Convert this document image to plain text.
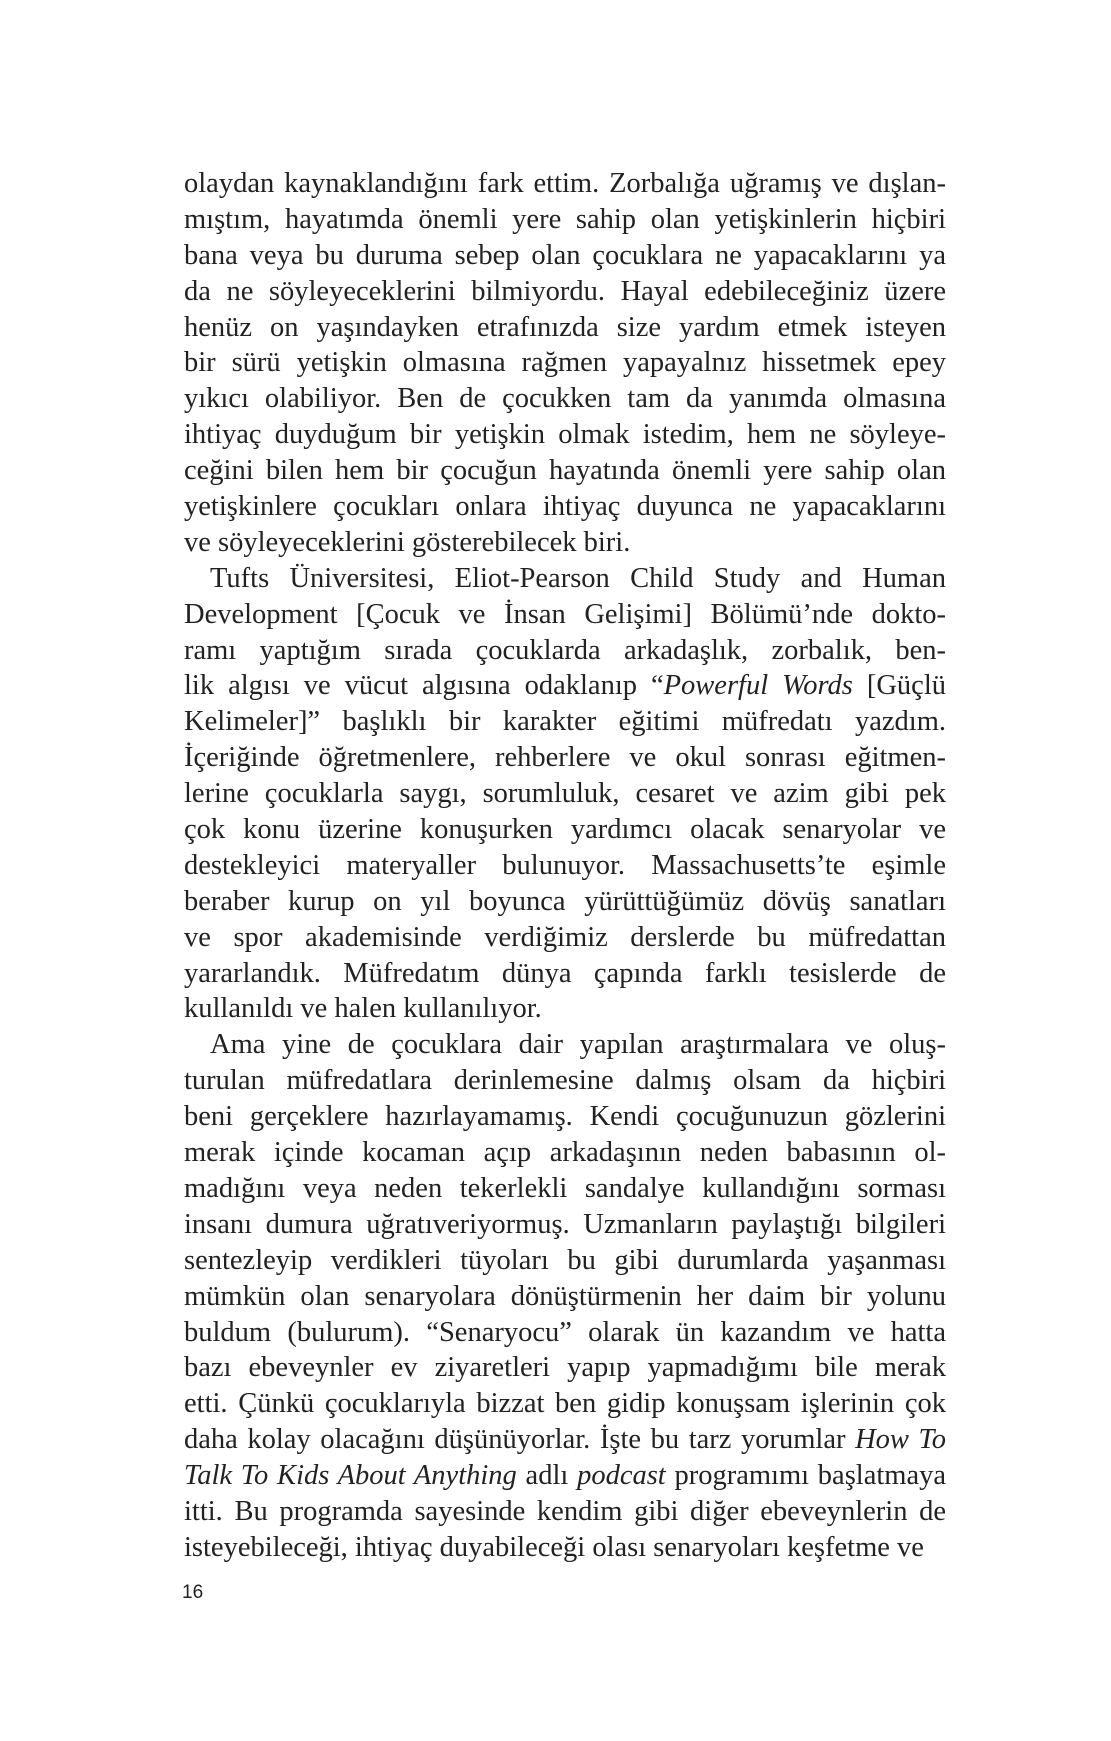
olaydan kaynaklandığını fark ettim. Zorbalığa uğramış ve dışlan-
mıştım, hayatımda önemli yere sahip olan yetişkinlerin hiçbiri
bana veya bu duruma sebep olan çocuklara ne yapacaklarını ya
da ne söyleyeceklerini bilmiyordu. Hayal edebileceğiniz üzere
henüz on yaşındayken etrafınızda size yardım etmek isteyen
bir sürü yetişkin olmasına rağmen yapayalnız hissetmek epey
yıkıcı olabiliyor. Ben de çocukken tam da yanımda olmasına
ihtiyaç duyduğum bir yetişkin olmak istedim, hem ne söyleye-
ceğini bilen hem bir çocuğun hayatında önemli yere sahip olan
yetişkinlere çocukları onlara ihtiyaç duyunca ne yapacaklarını
ve söyleyeceklerini gösterebilecek biri.
Tufts Üniversitesi, Eliot-Pearson Child Study and Human
Development [Çocuk ve İnsan Gelişimi] Bölümü’nde dokto-
ramı yaptığım sırada çocuklarda arkadaşlık, zorbalık, ben-
lik algısı ve vücut algısına odaklanıp “Powerful Words [Güçlü
Kelimeler]” başlıklı bir karakter eğitimi müfredatı yazdım.
İçeriğinde öğretmenlere, rehberlere ve okul sonrası eğitmen-
lerine çocuklarla saygı, sorumluluk, cesaret ve azim gibi pek
çok konu üzerine konuşurken yardımcı olacak senaryolar ve
destekleyici materyaller bulunuyor. Massachusetts’te eşimle
beraber kurup on yıl boyunca yürüttüğümüz dövüş sanatları
ve spor akademisinde verdiğimiz derslerde bu müfredattan
yararlandık. Müfredatım dünya çapında farklı tesislerde de
kullanıldı ve halen kullanılıyor.
Ama yine de çocuklara dair yapılan araştırmalara ve oluş-
turulan müfredatlara derinlemesine dalmış olsam da hiçbiri
beni gerçeklere hazırlayamamış. Kendi çocuğunuzun gözlerini
merak içinde kocaman açıp arkadaşının neden babasının ol-
madığını veya neden tekerlekli sandalye kullandığını sorması
insanı dumura uğratıveriyormuş. Uzmanların paylaştığı bilgileri
sentezleyip verdikleri tüyoları bu gibi durumlarda yaşanması
mümkün olan senaryolara dönüştürmenin her daim bir yolunu
buldum (bulurum). “Senaryocu” olarak ün kazandım ve hatta
bazı ebeveynler ev ziyaretleri yapıp yapmadığımı bile merak
etti. Çünkü çocuklarıyla bizzat ben gidip konuşsam işlerinin çok
daha kolay olacağını düşünüyorlar. İşte bu tarz yorumlar How To
Talk To Kids About Anything adlı podcast programımı başlatmaya
itti. Bu programda sayesinde kendim gibi diğer ebeveynlerin de
isteyebileceği, ihtiyaç duyabileceği olası senaryoları keşfetme ve
16
